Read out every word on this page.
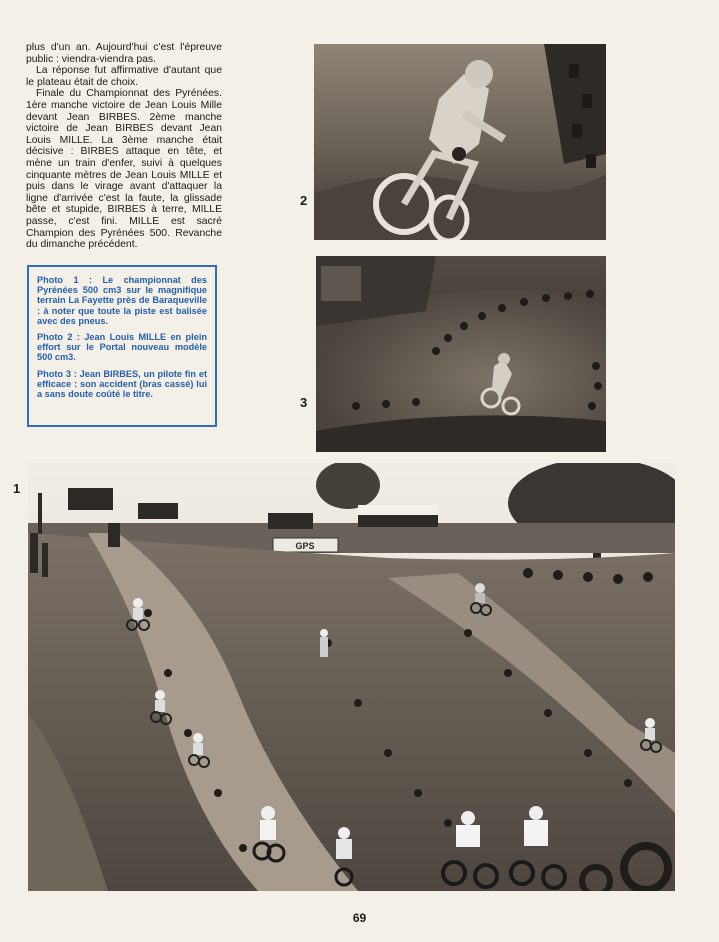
plus d'un an. Aujourd'hui c'est l'épreuve public : viendra-viendra pas.

La réponse fut affirmative d'autant que le plateau était de choix.

Finale du Championnat des Pyrénées. 1ère manche victoire de Jean Louis Mille devant Jean BIRBES. 2ème manche victoire de Jean BIRBES devant Jean Louis MILLE. La 3ème manche était décisive : BIRBES attaque en tête, et mène un train d'enfer, suivi à quelques cinquante mètres de Jean Louis MILLE et puis dans le virage avant d'attaquer la ligne d'arrivée c'est la faute, la glissade bête et stupide, BIRBES à terre, MILLE passe, c'est fini. MILLE est sacré Champion des Pyrénées 500. Revanche du dimanche précédent.

Photo 1 : Le championnat des Pyrénées 500 cm3 sur le magnifique terrain La Fayette près de Baraqueville : à noter que toute la piste est balisée avec des pneus.

Photo 2 : Jean Louis MILLE en plein effort sur le Portal nouveau modèle 500 cm3.

Photo 3 : Jean BIRBES, un pilote fin et efficace : son accident (bras cassé) lui a sans doute coûté le titre.

2
3
1
GPS
69
